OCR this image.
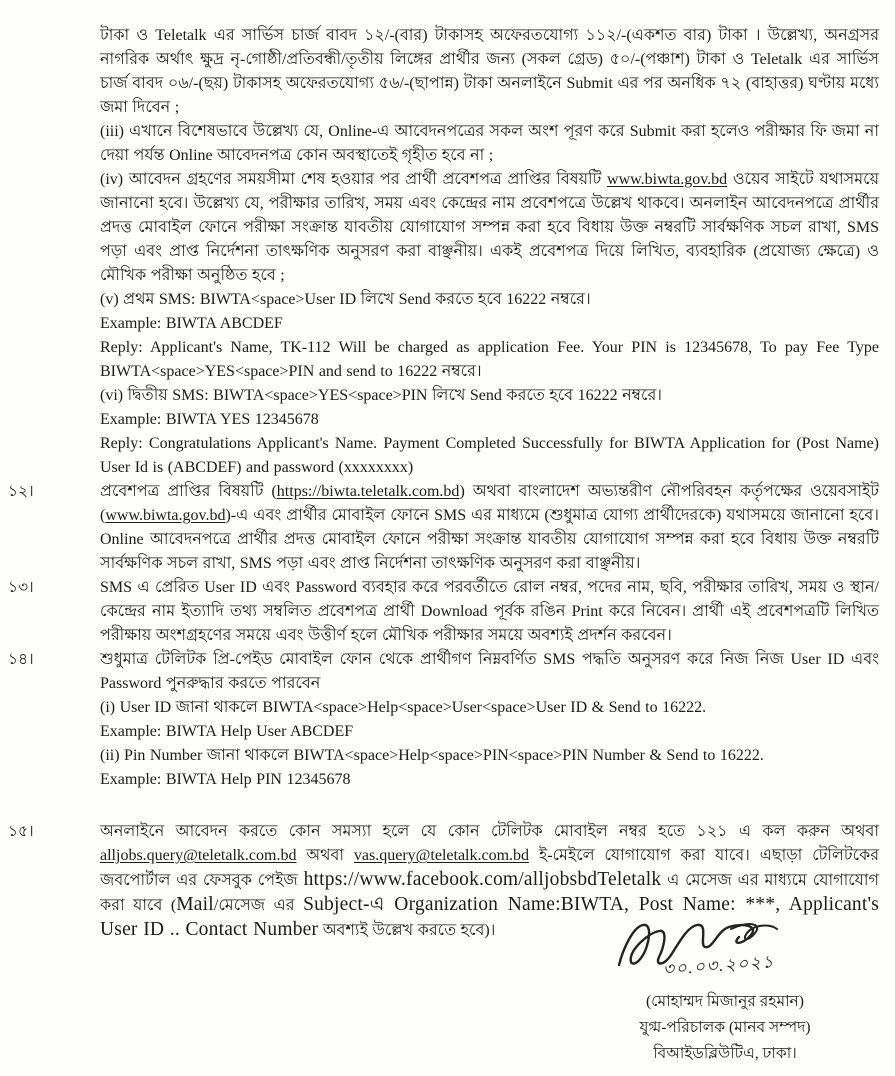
টাকা ও Teletalk এর সার্ভিস চার্জ বাবদ ১২/-(বার) টাকাসহ অফেরতযোগ্য ১১২/-(একশত বার) টাকা । উল্লেখ্য, অনগ্রসর নাগরিক অর্থাৎ ক্ষুদ্র নৃ-গোষ্ঠী/প্রতিবন্ধী/তৃতীয় লিঙ্গের প্রার্থীর জন্য (সকল গ্রেড) ৫০/-(পঞ্চাশ) টাকা ও Teletalk এর সার্ভিস চার্জ বাবদ ০৬/-(ছয়) টাকাসহ অফেরতযোগ্য ৫৬/-(ছাপান্ন) টাকা অনলাইনে Submit এর পর অনধিক ৭২ (বাহাত্তর) ঘণ্টায় মধ্যে জমা দিবেন ;
(iii) এখানে বিশেষভাবে উল্লেখ্য যে, Online-এ আবেদনপত্রের সকল অংশ পূরণ করে Submit করা হলেও পরীক্ষার ফি জমা না দেয়া পর্যন্ত Online আবেদনপত্র কোন অবস্থাতেই গৃহীত হবে না ;
(iv) আবেদন গ্রহণের সময়সীমা শেষ হওয়ার পর প্রার্থী প্রবেশপত্র প্রাপ্তির বিষয়টি www.biwta.gov.bd ওয়েব সাইটে যথাসময়ে জানানো হবে। উল্লেখ্য যে, পরীক্ষার তারিখ, সময় এবং কেন্দ্রের নাম প্রবেশপত্রে উল্লেখ থাকবে। অনলাইন আবেদনপত্রে প্রার্থীর প্রদত্ত মোবাইল ফোনে পরীক্ষা সংক্রান্ত যাবতীয় যোগাযোগ সম্পন্ন করা হবে বিধায় উক্ত নম্বরটি সার্বক্ষণিক সচল রাখা, SMS পড়া এবং প্রাপ্ত নির্দেশনা তাৎক্ষণিক অনুসরণ করা বাঞ্ছনীয়। একই প্রবেশপত্র দিয়ে লিখিত, ব্যবহারিক (প্রযোজ্য ক্ষেত্রে) ও মৌখিক পরীক্ষা অনুষ্ঠিত হবে ;
(v) প্রথম SMS: BIWTA<space>User ID লিখে Send করতে হবে 16222 নম্বরে।
Example: BIWTA ABCDEF
Reply: Applicant's Name, TK-112 Will be charged as application Fee. Your PIN is 12345678, To pay Fee Type BIWTA<space>YES<space>PIN and send to 16222 নম্বরে।
(vi) দ্বিতীয় SMS: BIWTA<space>YES<space>PIN লিখে Send করতে হবে 16222 নম্বরে।
Example: BIWTA YES 12345678
Reply: Congratulations Applicant's Name. Payment Completed Successfully for BIWTA Application for (Post Name) User Id is (ABCDEF) and password (xxxxxxxx)
১২।	প্রবেশপত্র প্রাপ্তির বিষয়টি (https://biwta.teletalk.com.bd) অথবা বাংলাদেশ অভ্যন্তরীণ নৌপরিবহন কর্তৃপক্ষের ওয়েবসাইট (www.biwta.gov.bd)-এ এবং প্রার্থীর মোবাইল ফোনে SMS এর মাধ্যমে (শুধুমাত্র যোগ্য প্রার্থীদেরকে) যথাসময়ে জানানো হবে। Online আবেদনপত্রে প্রার্থীর প্রদত্ত মোবাইল ফোনে পরীক্ষা সংক্রান্ত যাবতীয় যোগাযোগ সম্পন্ন করা হবে বিধায় উক্ত নম্বরটি সার্বক্ষণিক সচল রাখা, SMS পড়া এবং প্রাপ্ত নির্দেশনা তাৎক্ষণিক অনুসরণ করা বাঞ্ছনীয়।
১৩।	SMS এ প্রেরিত User ID এবং Password ব্যবহার করে পরবর্তীতে রোল নম্বর, পদের নাম, ছবি, পরীক্ষার তারিখ, সময় ও স্থান/কেন্দ্রের নাম ইত্যাদি তথ্য সম্বলিত প্রবেশপত্র প্রার্থী Download পূর্বক রঙিন Print করে নিবেন। প্রার্থী এই প্রবেশপত্রটি লিখিত পরীক্ষায় অংশগ্রহণের সময়ে এবং উত্তীর্ণ হলে মৌখিক পরীক্ষার সময়ে অবশ্যই প্রদর্শন করবেন।
১৪।	শুধুমাত্র টেলিটক প্রি-পেইড মোবাইল ফোন থেকে প্রার্থীগণ নিম্নবর্ণিত SMS পদ্ধতি অনুসরণ করে নিজ নিজ User ID এবং Password পুনরুদ্ধার করতে পারবেন
(i) User ID জানা থাকলে BIWTA<space>Help<space>User<space>User ID & Send to 16222.
Example: BIWTA Help User ABCDEF
(ii) Pin Number জানা থাকলে BIWTA<space>Help<space>PIN<space>PIN Number & Send to 16222.
Example: BIWTA Help PIN 12345678
১৫।	অনলাইনে আবেদন করতে কোন সমস্যা হলে যে কোন টেলিটক মোবাইল নম্বর হতে ১২১ এ কল করুন অথবা alljobs.query@teletalk.com.bd অথবা vas.query@teletalk.com.bd ই-মেইলে যোগাযোগ করা যাবে। এছাড়া টেলিটকের জবপোর্টাল এর ফেসবুক পেইজ https://www.facebook.com/alljobsbdTeletalk এ মেসেজ এর মাধ্যমে যোগাযোগ করা যাবে (Mail/মেসেজ এর Subject-এ Organization Name:BIWTA, Post Name: ***, Applicant's User ID .. Contact Number অবশ্যই উল্লেখ করতে হবে)।
৩০.০৩.২০২১
(মোহাম্মদ মিজানুর রহমান)
যুগ্ম-পরিচালক (মানব সম্পদ)
বিআইডব্লিউটিএ, ঢাকা।
